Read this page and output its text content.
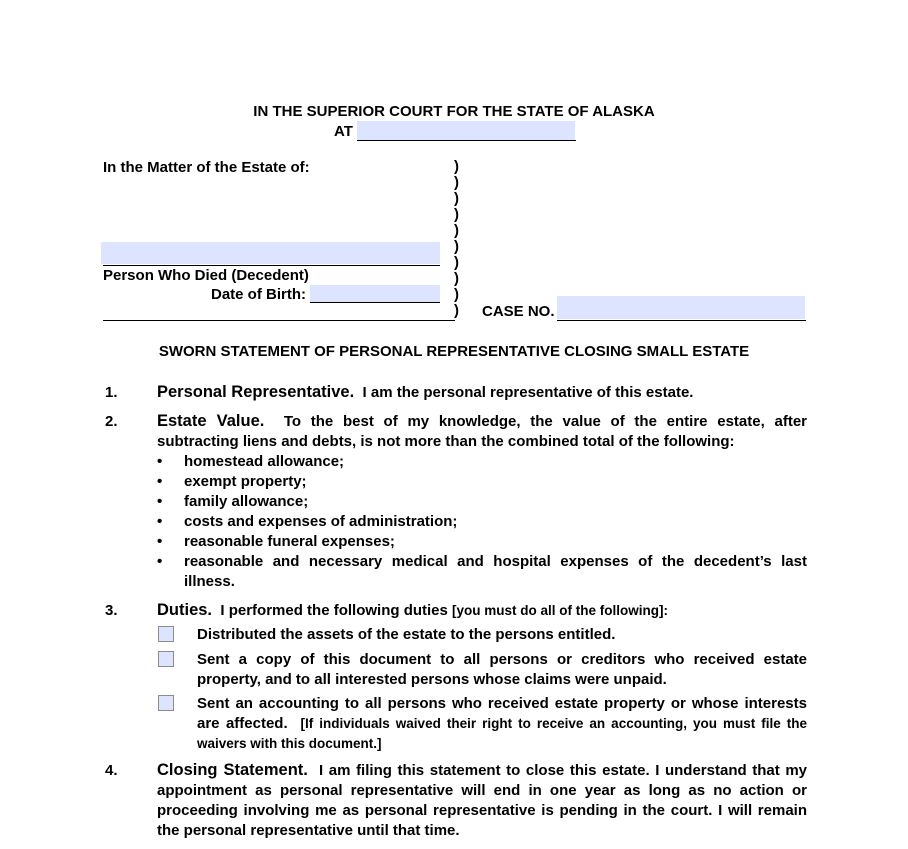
IN THE SUPERIOR COURT FOR THE STATE OF ALASKA
AT
In the Matter of the Estate of:
Person Who Died (Decedent)
Date of Birth:
)
)
)
)
)
)
)
)
)
) CASE NO.
SWORN STATEMENT OF PERSONAL REPRESENTATIVE CLOSING SMALL ESTATE
1. Personal Representative. I am the personal representative of this estate.
2. Estate Value. To the best of my knowledge, the value of the entire estate, after subtracting liens and debts, is not more than the combined total of the following:
• homestead allowance;
• exempt property;
• family allowance;
• costs and expenses of administration;
• reasonable funeral expenses;
• reasonable and necessary medical and hospital expenses of the decedent’s last illness.
3. Duties. I performed the following duties [you must do all of the following]:
Distributed the assets of the estate to the persons entitled.
Sent a copy of this document to all persons or creditors who received estate property, and to all interested persons whose claims were unpaid.
Sent an accounting to all persons who received estate property or whose interests are affected. [If individuals waived their right to receive an accounting, you must file the waivers with this document.]
4. Closing Statement. I am filing this statement to close this estate. I understand that my appointment as personal representative will end in one year as long as no action or proceeding involving me as personal representative is pending in the court. I will remain the personal representative until that time.
